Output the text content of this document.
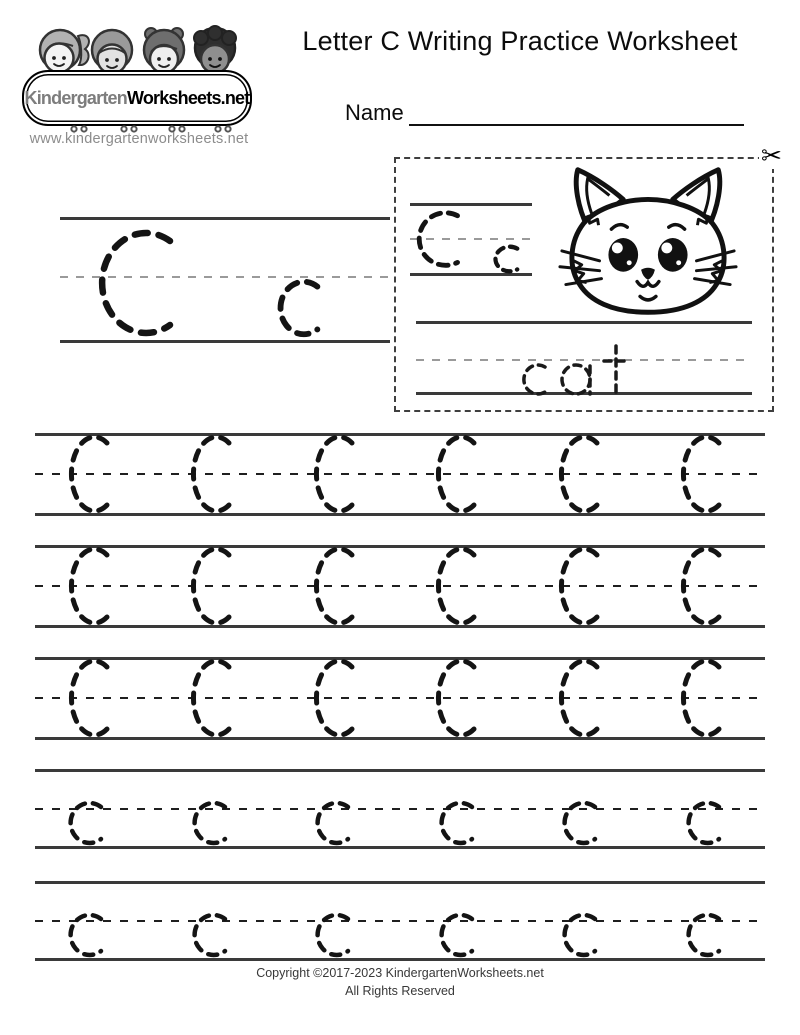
Kindergarten Worksheets.net
www.kindergartenworksheets.net
Letter C Writing Practice Worksheet
Name
✂
Copyright ©2017-2023 KindergartenWorksheets.net
All Rights Reserved
